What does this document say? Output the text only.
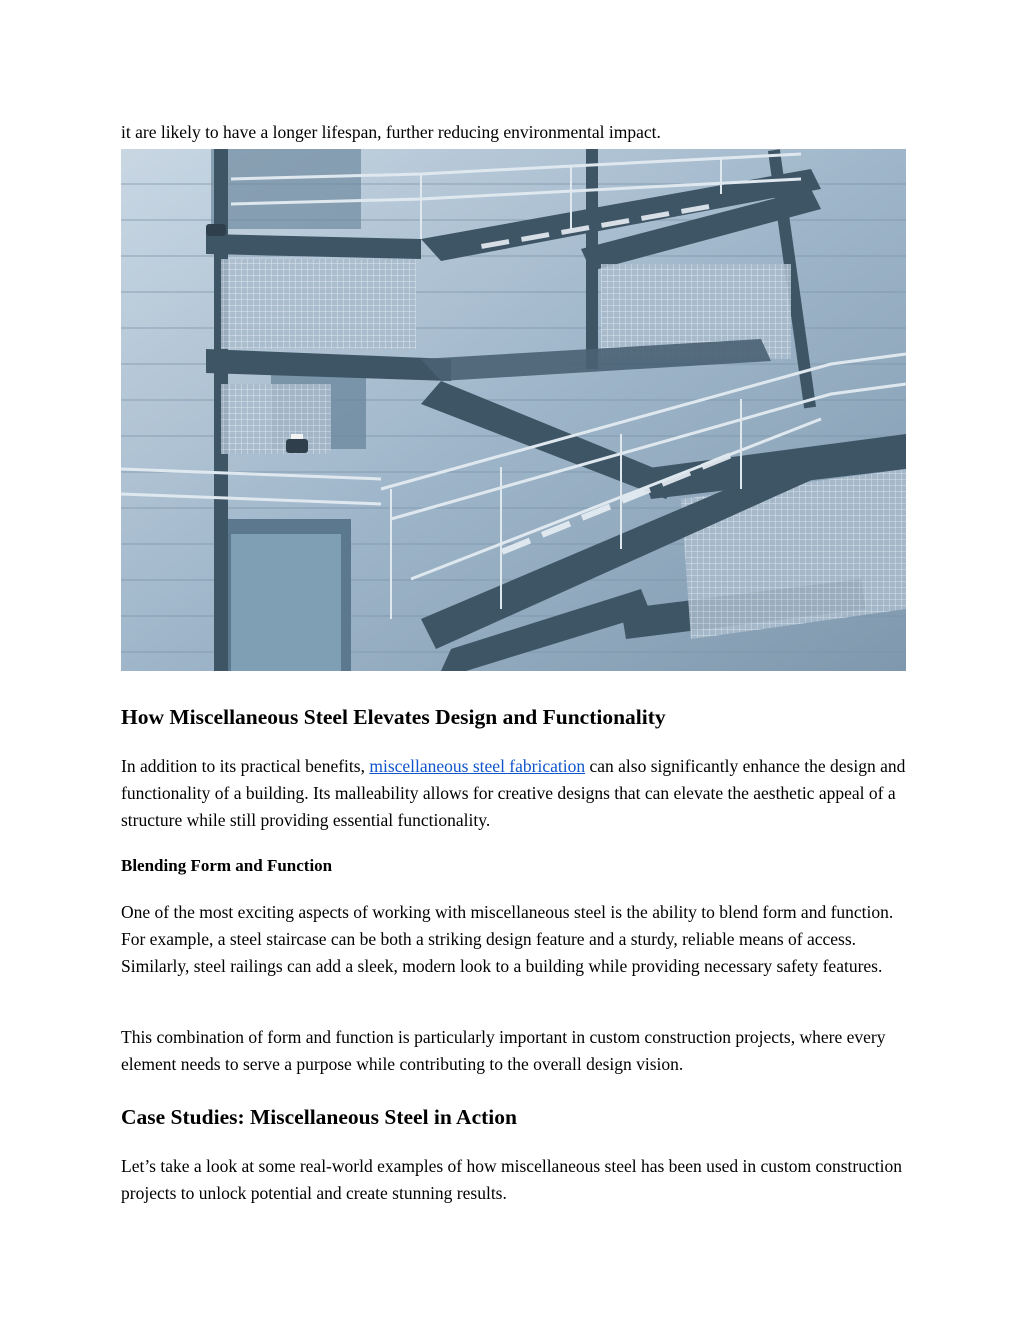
it are likely to have a longer lifespan, further reducing environmental impact.

How Miscellaneous Steel Elevates Design and Functionality

In addition to its practical benefits, miscellaneous steel fabrication can also significantly enhance the design and functionality of a building. Its malleability allows for creative designs that can elevate the aesthetic appeal of a structure while still providing essential functionality.

Blending Form and Function

One of the most exciting aspects of working with miscellaneous steel is the ability to blend form and function. For example, a steel staircase can be both a striking design feature and a sturdy, reliable means of access. Similarly, steel railings can add a sleek, modern look to a building while providing necessary safety features.

This combination of form and function is particularly important in custom construction projects, where every element needs to serve a purpose while contributing to the overall design vision.

Case Studies: Miscellaneous Steel in Action

Let’s take a look at some real-world examples of how miscellaneous steel has been used in custom construction projects to unlock potential and create stunning results.
